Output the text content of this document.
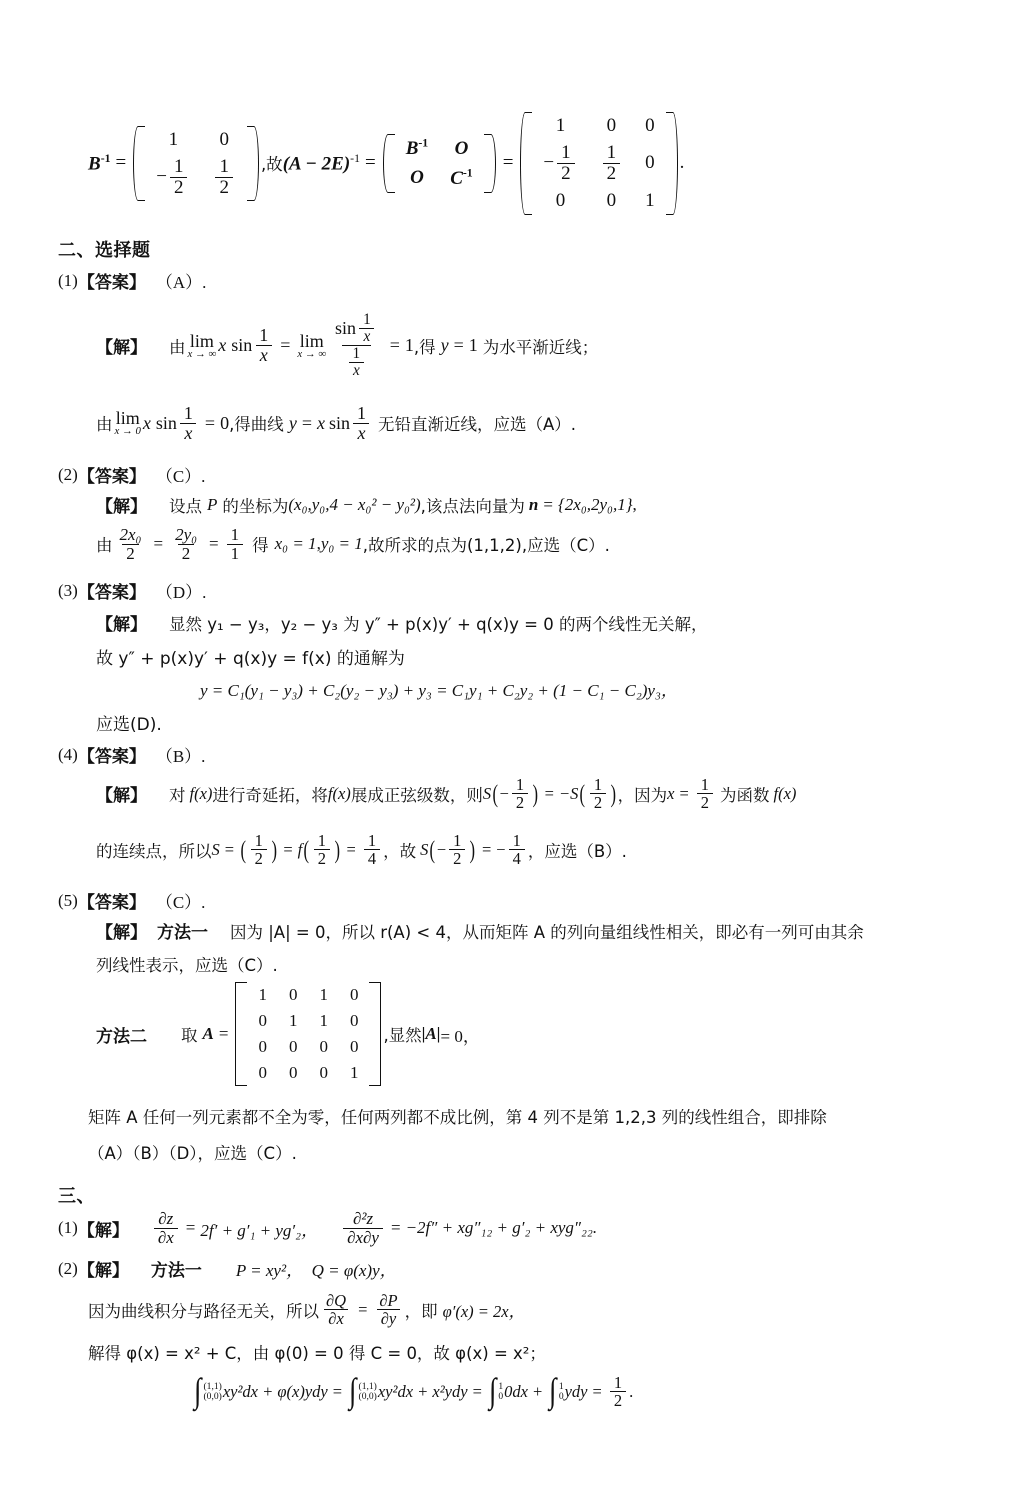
$B^{-1}$ =
1	0

− $\frac{1}{2}$	$\frac{1}{2}$ ,故 $(A - 2E)^{-1}$ =
$B^{-1}$	O
O	$C^{-1}$ =
1	0	0

− $\frac{1}{2}$	$\frac{1}{2}$	0
0	0	1
.
二、选择题
(1) 【答案】 （A）.
【解】 由 lim
x → ∞ x $\sin \frac{1}{x} = \lim$
x → ∞ $\frac{\sin \frac{1}{x}}{\frac{1}{x}} = 1$ ,得 y = 1 为水平渐近线；
由 lim
x → 0 x $\sin \frac{1}{x} = 0$ ,得曲线 y = x $\sin \frac{1}{x}$ 无铅直渐近线，应选（A）.
(2) 【答案】 （C）.
【解】 设点 P 的坐标为 (x₀,y₀,4 − x₀² − y₀²) ,该点法向量为 n = {2x₀,2y₀,1} ,
由 $\frac{\text{2x₀}}{2} = \frac{\text{2y₀}}{2} = \frac{1}{1}$ 得 x₀ = 1 , y₀ = 1 ,故所求的点为(1,1,2),应选（C）.
(3) 【答案】 （D）.
【解】 显然 y₁ − y₃，y₂ − y₃ 为 y″ + p(x)y′ + q(x)y = 0 的两个线性无关解，
故 y″ + p(x)y′ + q(x)y = f(x) 的通解为
y = C₁(y₁ − y₃) + C₂(y₂ − y₃) + y₃ = C₁y₁ + C₂y₂ + (1 − C₁ − C₂)y₃，
应选(D).
(4) 【答案】 （B）.
【解】 对 f(x) 进行奇延拓，将 f(x) 展成正弦级数，则 S ( − $\frac{1}{2}$ ) = −S ( $\frac{1}{2}$ ) ，因为 $x = \frac{1}{2}$ 为函数 f(x)
的连续点，所以 S = ( $\frac{1}{2}$ ) = f ( $\frac{1}{2}$ ) = $\frac{1}{4}$ ，故 S ( − $\frac{1}{2}$ ) = − $\frac{1}{4}$ ，应选（B）.
(5) 【答案】 （C）.
【解】 方法一 因为 |A| = 0，所以 r(A) < 4，从而矩阵 A 的列向量组线性相关，即必有一列可由其余
列线性表示，应选（C）.
方法二 取 A =
1	0	1	0
0	1	1	0
0	0	0	0
0	0	0	1
,显然 |A| = 0，
矩阵 A 任何一列元素都不全为零，任何两列都不成比例，第 4 列不是第 1,2,3 列的线性组合，即排除
（A）（B）（D），应选（C）.
三、
(1) 【解】 $\frac{\partial z}{\partial x} = 2f' + g'_1 + yg'_2$， $\frac{\text{∂²z}}{\partial x\partial y} = -2f'' + xg''_{12} + g'_2 + xyg''_{22}$.
(2) 【解】 方法一 P = xy²，  Q = φ(x)y，
因为曲线积分与路径无关，所以 $\frac{\partial Q}{\partial x} = \frac{\partial P}{\partial y}$ ，即 φ′(x) = 2x，
解得 φ(x) = x² + C，由 φ(0) = 0 得 C = 0，故 φ(x) = x²；
∫ (1,1)
(0,0) xy²dx + φ(x)ydy = ∫ (1,1)
(0,0) xy²dx + x²ydy = ∫ 1
0 0dx + ∫ 1
0 ydy = $\frac{1}{2}$ .
